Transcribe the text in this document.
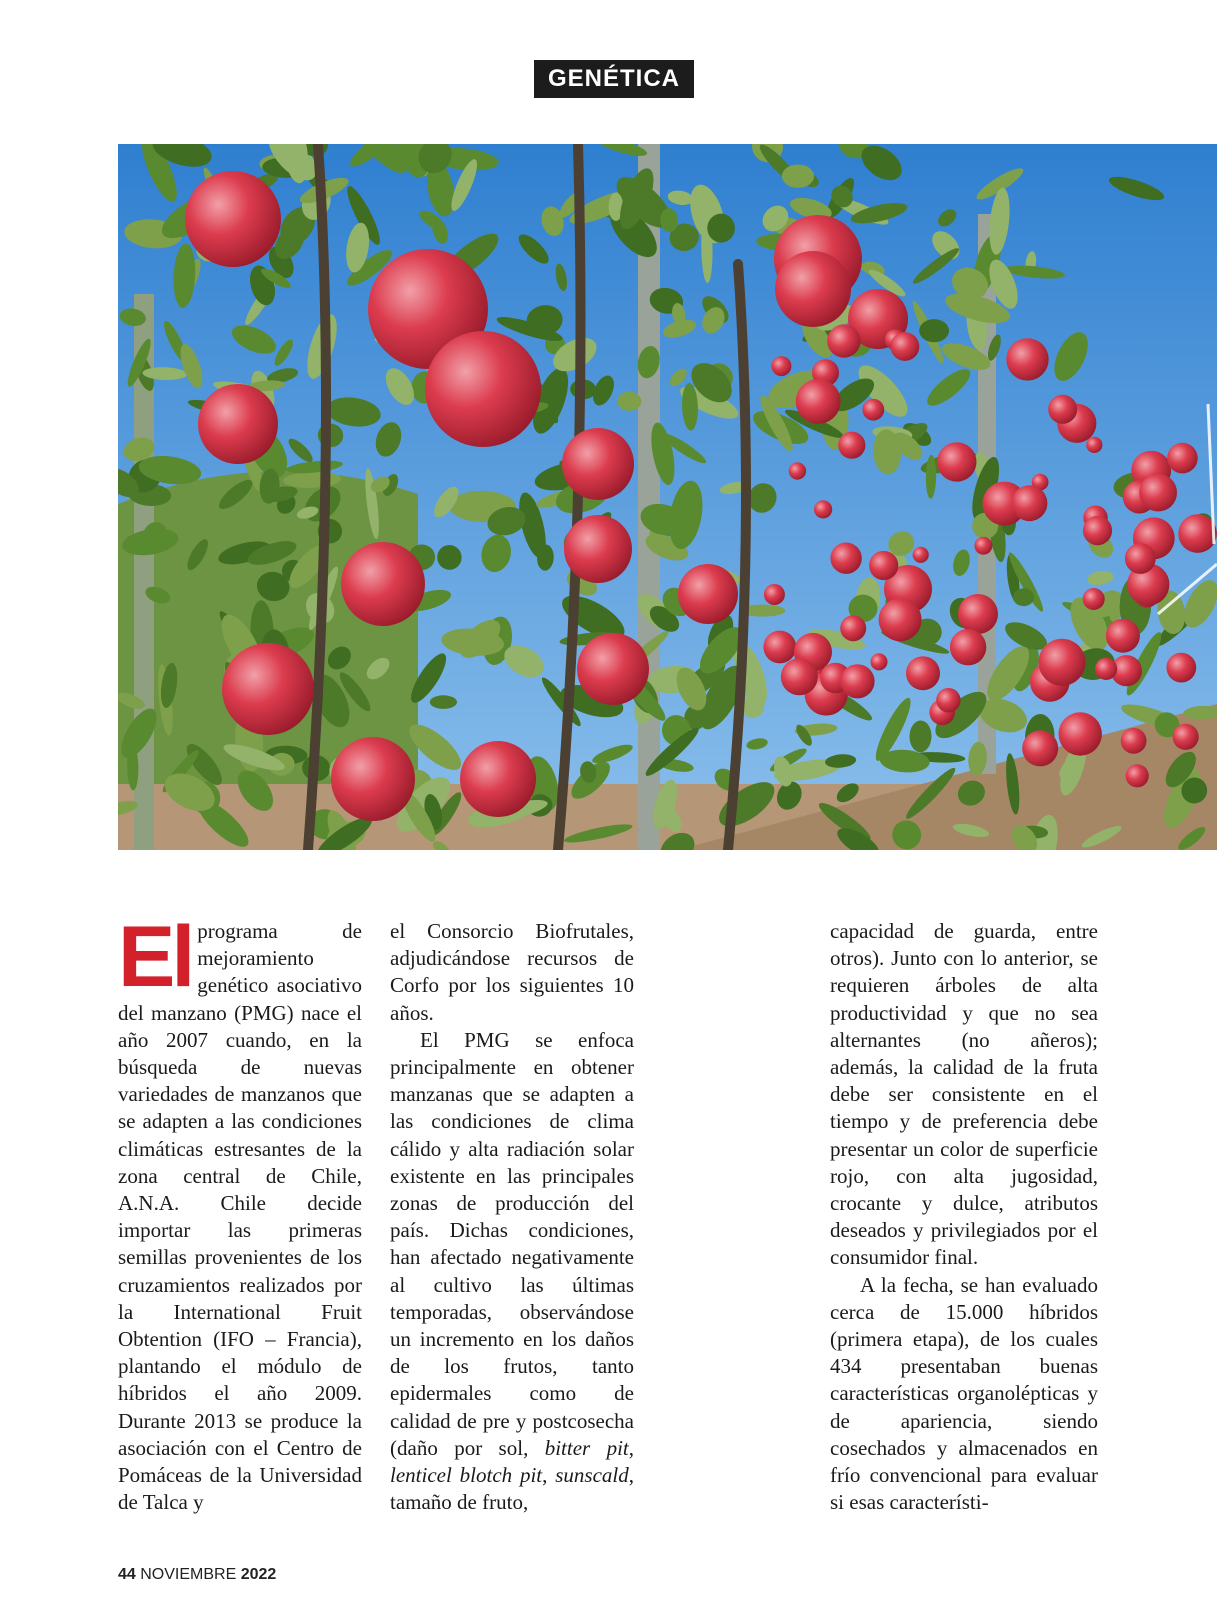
GENÉTICA

El programa de mejoramiento genético asociativo del manzano (PMG) nace el año 2007 cuando, en la búsqueda de nuevas variedades de manzanos que se adapten a las condiciones climáticas estresantes de la zona central de Chile, A.N.A. Chile decide importar las primeras semillas provenientes de los cruzamientos realizados por la International Fruit Obtention (IFO – Francia), plantando el módulo de híbridos el año 2009. Durante 2013 se produce la asociación con el Centro de Pomáceas de la Universidad de Talca y

el Consorcio Biofrutales, adjudicándose recursos de Corfo por los siguientes 10 años.

El PMG se enfoca principalmente en obtener manzanas que se adapten a las condiciones de clima cálido y alta radiación solar existente en las principales zonas de producción del país. Dichas condiciones, han afectado negativamente al cultivo las últimas temporadas, observándose un incremento en los daños de los frutos, tanto epidermales como de calidad de pre y postcosecha (daño por sol, bitter pit, lenticel blotch pit, sunscald, tamaño de fruto,

capacidad de guarda, entre otros). Junto con lo anterior, se requieren árboles de alta productividad y que no sea alternantes (no añeros); además, la calidad de la fruta debe ser consistente en el tiempo y de preferencia debe presentar un color de superficie rojo, con alta jugosidad, crocante y dulce, atributos deseados y privilegiados por el consumidor final.

A la fecha, se han evaluado cerca de 15.000 híbridos (primera etapa), de los cuales 434 presentaban buenas características organolépticas y de apariencia, siendo cosechados y almacenados en frío convencional para evaluar si esas característi-

44 NOVIEMBRE 2022
